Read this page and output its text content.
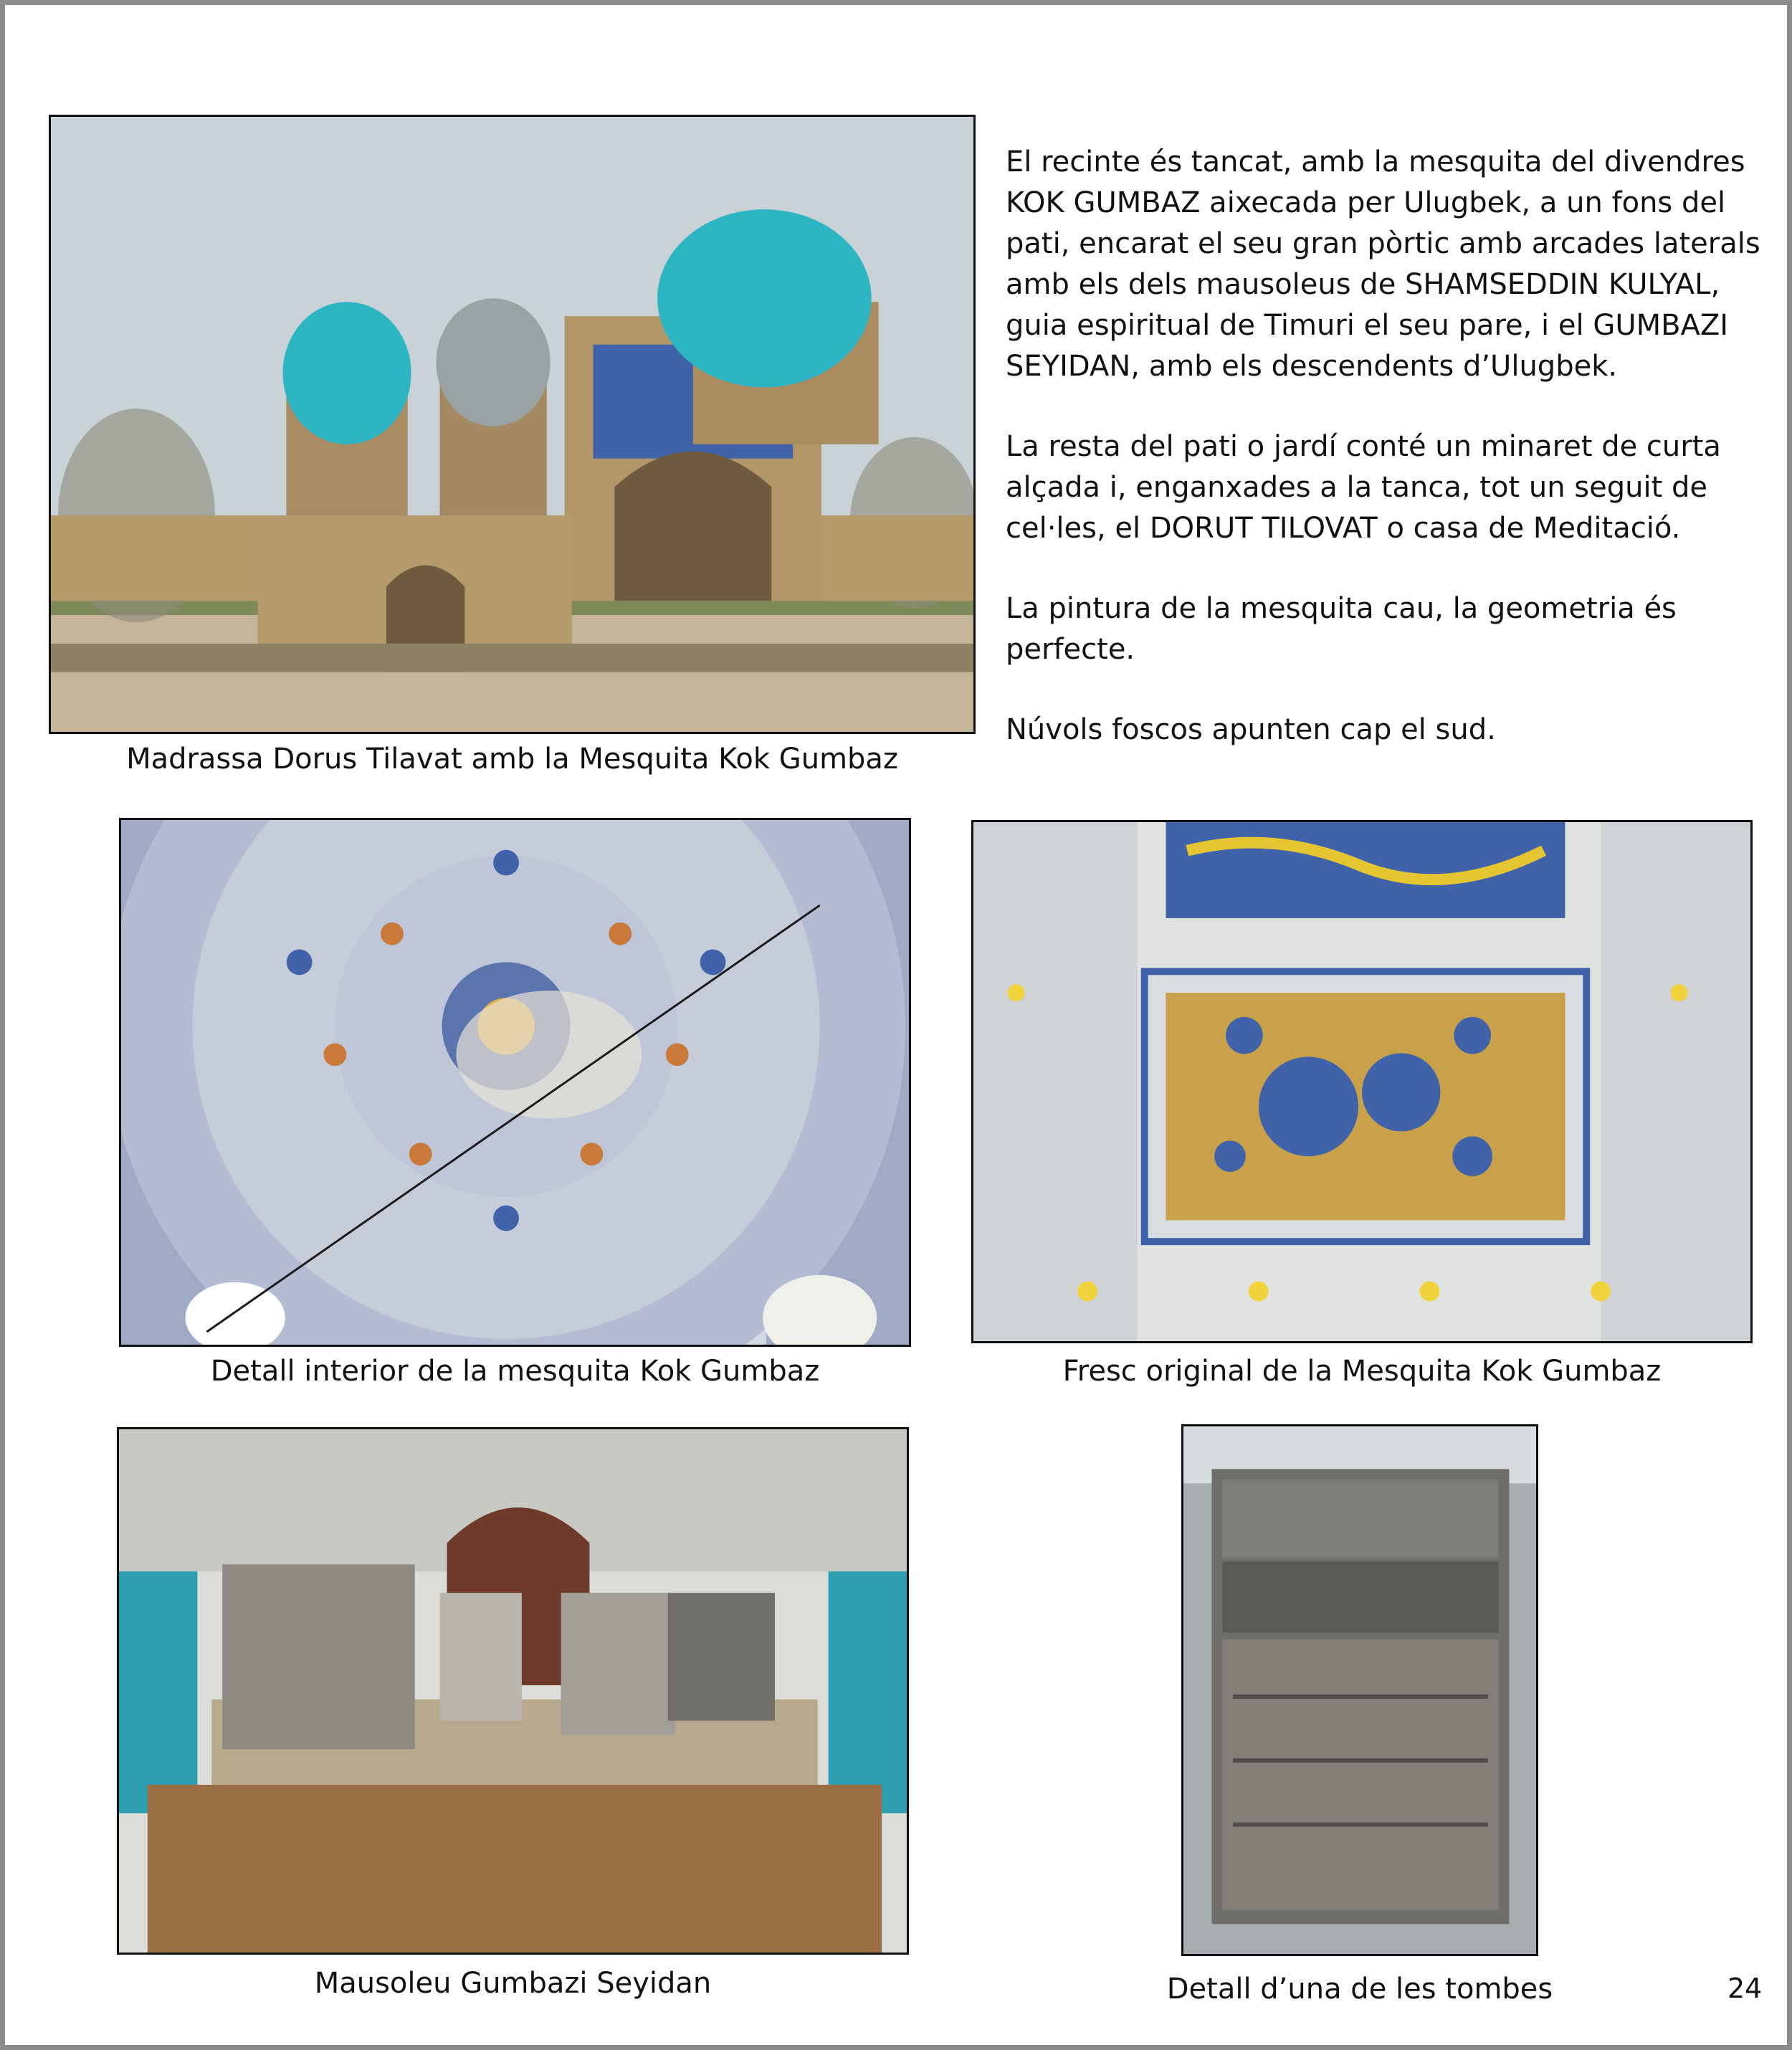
Madrassa Dorus Tilavat amb la Mesquita Kok Gumbaz

El recinte és tancat, amb la mesquita del divendres KOK GUMBAZ aixecada per Ulugbek, a un fons del pati, encarat el seu gran pòrtic amb arcades laterals amb els dels mausoleus de SHAMSEDDIN KULYAL, guia espiritual de Timuri el seu pare, i el GUMBAZI SEYIDAN, amb els descendents d’Ulugbek.

La resta del pati o jardí conté un minaret de curta alçada i, enganxades a la tanca, tot un seguit de cel·les, el DORUT TILOVAT o casa de Meditació.

La pintura de la mesquita cau, la geometria és perfecte.

Núvols foscos apunten cap el sud.

Detall interior de la mesquita Kok Gumbaz	Fresc original de la Mesquita Kok Gumbaz
Mausoleu Gumbazi Seyidan	Detall d’una de les tombes	24
